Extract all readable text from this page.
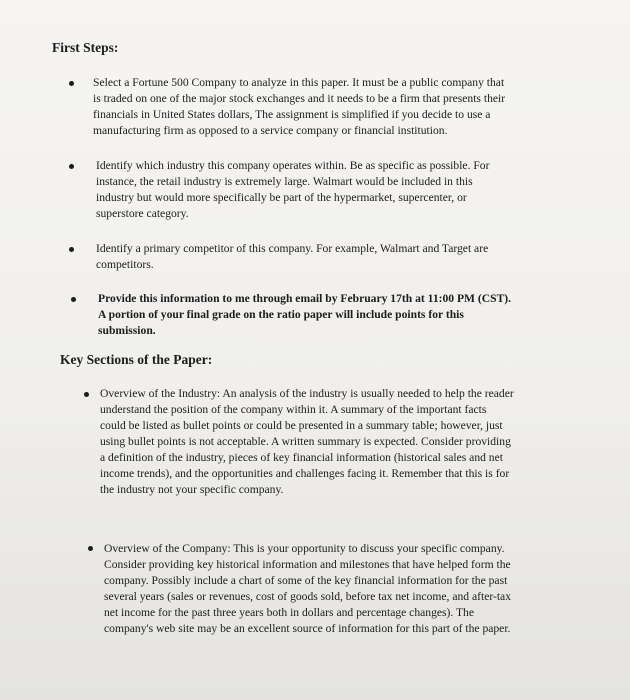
First Steps:
Select a Fortune 500 Company to analyze in this paper. It must be a public company that
is traded on one of the major stock exchanges and it needs to be a firm that presents their
financials in United States dollars, The assignment is simplified if you decide to use a
manufacturing firm as opposed to a service company or financial institution.
Identify which industry this company operates within. Be as specific as possible. For
instance, the retail industry is extremely large. Walmart would be included in this
industry but would more specifically be part of the hypermarket, supercenter, or
superstore category.
Identify a primary competitor of this company. For example, Walmart and Target are
competitors.
Provide this information to me through email by February 17th at 11:00 PM (CST).
A portion of your final grade on the ratio paper will include points for this
submission.
Key Sections of the Paper:
Overview of the Industry: An analysis of the industry is usually needed to help the reader
understand the position of the company within it. A summary of the important facts
could be listed as bullet points or could be presented in a summary table; however, just
using bullet points is not acceptable. A written summary is expected. Consider providing
a definition of the industry, pieces of key financial information (historical sales and net
income trends), and the opportunities and challenges facing it. Remember that this is for
the industry not your specific company.
Overview of the Company: This is your opportunity to discuss your specific company.
Consider providing key historical information and milestones that have helped form the
company. Possibly include a chart of some of the key financial information for the past
several years (sales or revenues, cost of goods sold, before tax net income, and after-tax
net income for the past three years both in dollars and percentage changes). The
company's web site may be an excellent source of information for this part of the paper.
